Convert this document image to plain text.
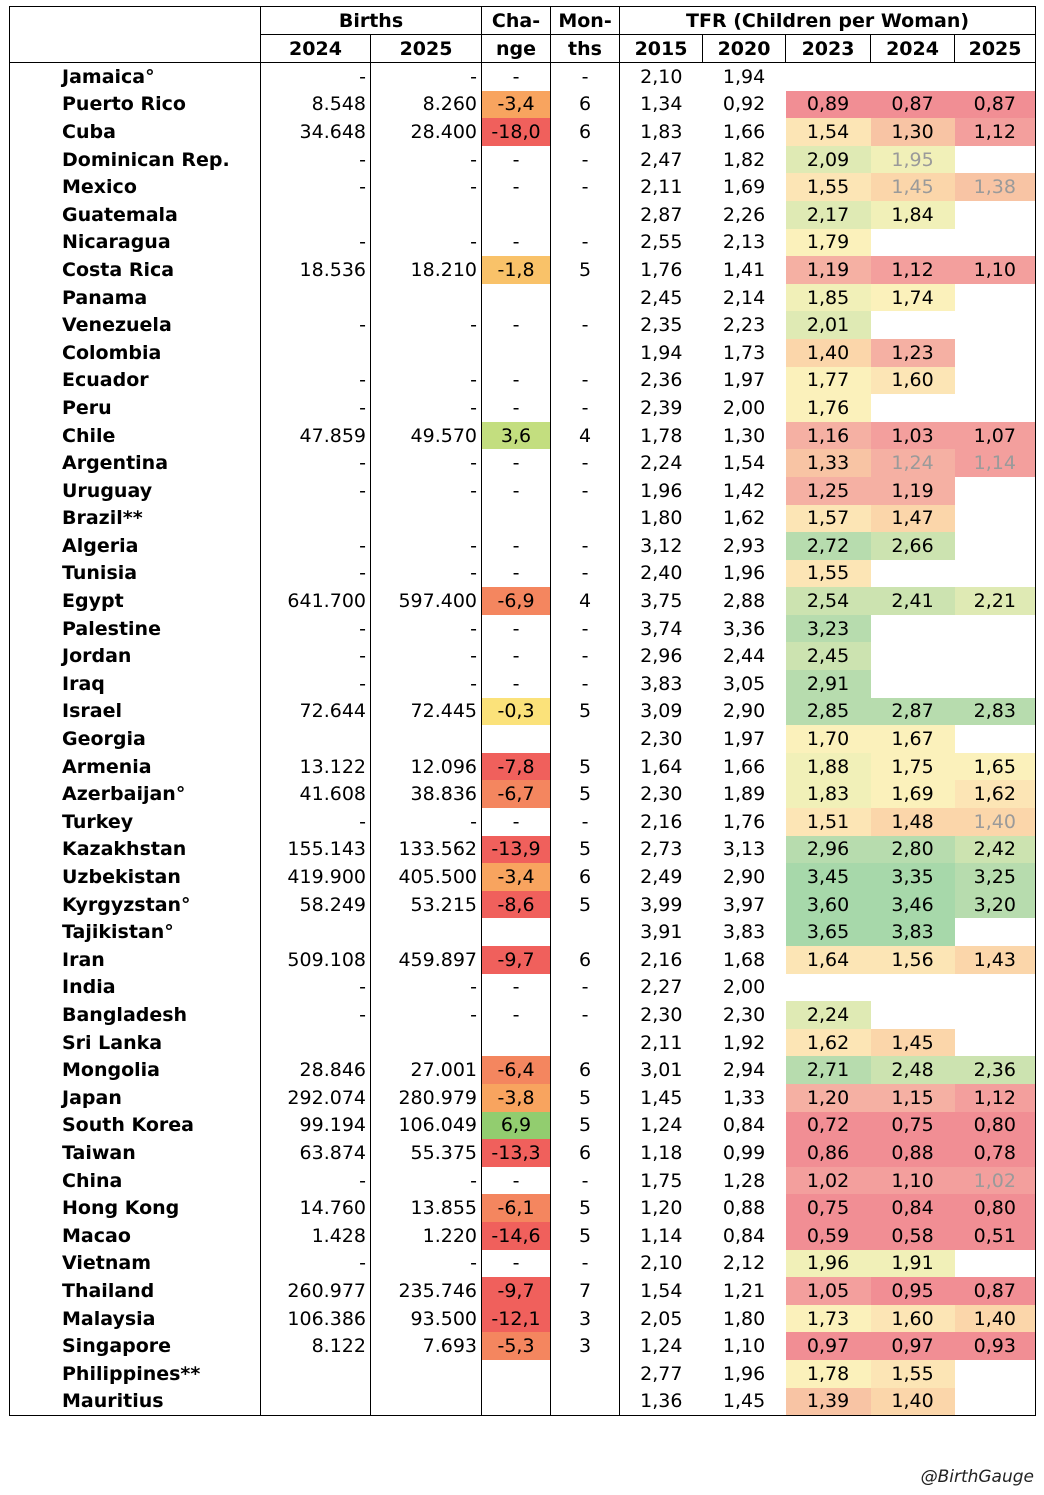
	Births		Cha-	Mon-	TFR (Children per Woman)				
	2024	2025	nge	ths	2015	2020	2023	2024	2025
Jamaica°	-	-	-	-	2,10	1,94			
Puerto Rico	8.548	8.260	-3,4	6	1,34	0,92	0,89	0,87	0,87
Cuba	34.648	28.400	-18,0	6	1,83	1,66	1,54	1,30	1,12
Dominican Rep.	-	-	-	-	2,47	1,82	2,09	1,95	
Mexico	-	-	-	-	2,11	1,69	1,55	1,45	1,38
Guatemala					2,87	2,26	2,17	1,84	
Nicaragua	-	-	-	-	2,55	2,13	1,79		
Costa Rica	18.536	18.210	-1,8	5	1,76	1,41	1,19	1,12	1,10
Panama					2,45	2,14	1,85	1,74	
Venezuela	-	-	-	-	2,35	2,23	2,01		
Colombia					1,94	1,73	1,40	1,23	
Ecuador	-	-	-	-	2,36	1,97	1,77	1,60	
Peru	-	-	-	-	2,39	2,00	1,76		
Chile	47.859	49.570	3,6	4	1,78	1,30	1,16	1,03	1,07
Argentina	-	-	-	-	2,24	1,54	1,33	1,24	1,14
Uruguay	-	-	-	-	1,96	1,42	1,25	1,19	
Brazil**					1,80	1,62	1,57	1,47	
Algeria	-	-	-	-	3,12	2,93	2,72	2,66	
Tunisia	-	-	-	-	2,40	1,96	1,55		
Egypt	641.700	597.400	-6,9	4	3,75	2,88	2,54	2,41	2,21
Palestine	-	-	-	-	3,74	3,36	3,23		
Jordan	-	-	-	-	2,96	2,44	2,45		
Iraq	-	-	-	-	3,83	3,05	2,91		
Israel	72.644	72.445	-0,3	5	3,09	2,90	2,85	2,87	2,83
Georgia					2,30	1,97	1,70	1,67	
Armenia	13.122	12.096	-7,8	5	1,64	1,66	1,88	1,75	1,65
Azerbaijan°	41.608	38.836	-6,7	5	2,30	1,89	1,83	1,69	1,62
Turkey	-	-	-	-	2,16	1,76	1,51	1,48	1,40
Kazakhstan	155.143	133.562	-13,9	5	2,73	3,13	2,96	2,80	2,42
Uzbekistan	419.900	405.500	-3,4	6	2,49	2,90	3,45	3,35	3,25
Kyrgyzstan°	58.249	53.215	-8,6	5	3,99	3,97	3,60	3,46	3,20
Tajikistan°					3,91	3,83	3,65	3,83	
Iran	509.108	459.897	-9,7	6	2,16	1,68	1,64	1,56	1,43
India	-	-	-	-	2,27	2,00			
Bangladesh	-	-	-	-	2,30	2,30	2,24		
Sri Lanka					2,11	1,92	1,62	1,45	
Mongolia	28.846	27.001	-6,4	6	3,01	2,94	2,71	2,48	2,36
Japan	292.074	280.979	-3,8	5	1,45	1,33	1,20	1,15	1,12
South Korea	99.194	106.049	6,9	5	1,24	0,84	0,72	0,75	0,80
Taiwan	63.874	55.375	-13,3	6	1,18	0,99	0,86	0,88	0,78
China	-	-	-	-	1,75	1,28	1,02	1,10	1,02
Hong Kong	14.760	13.855	-6,1	5	1,20	0,88	0,75	0,84	0,80
Macao	1.428	1.220	-14,6	5	1,14	0,84	0,59	0,58	0,51
Vietnam	-	-	-	-	2,10	2,12	1,96	1,91	
Thailand	260.977	235.746	-9,7	7	1,54	1,21	1,05	0,95	0,87
Malaysia	106.386	93.500	-12,1	3	2,05	1,80	1,73	1,60	1,40
Singapore	8.122	7.693	-5,3	3	1,24	1,10	0,97	0,97	0,93
Philippines**					2,77	1,96	1,78	1,55	
Mauritius					1,36	1,45	1,39	1,40	
@BirthGauge
